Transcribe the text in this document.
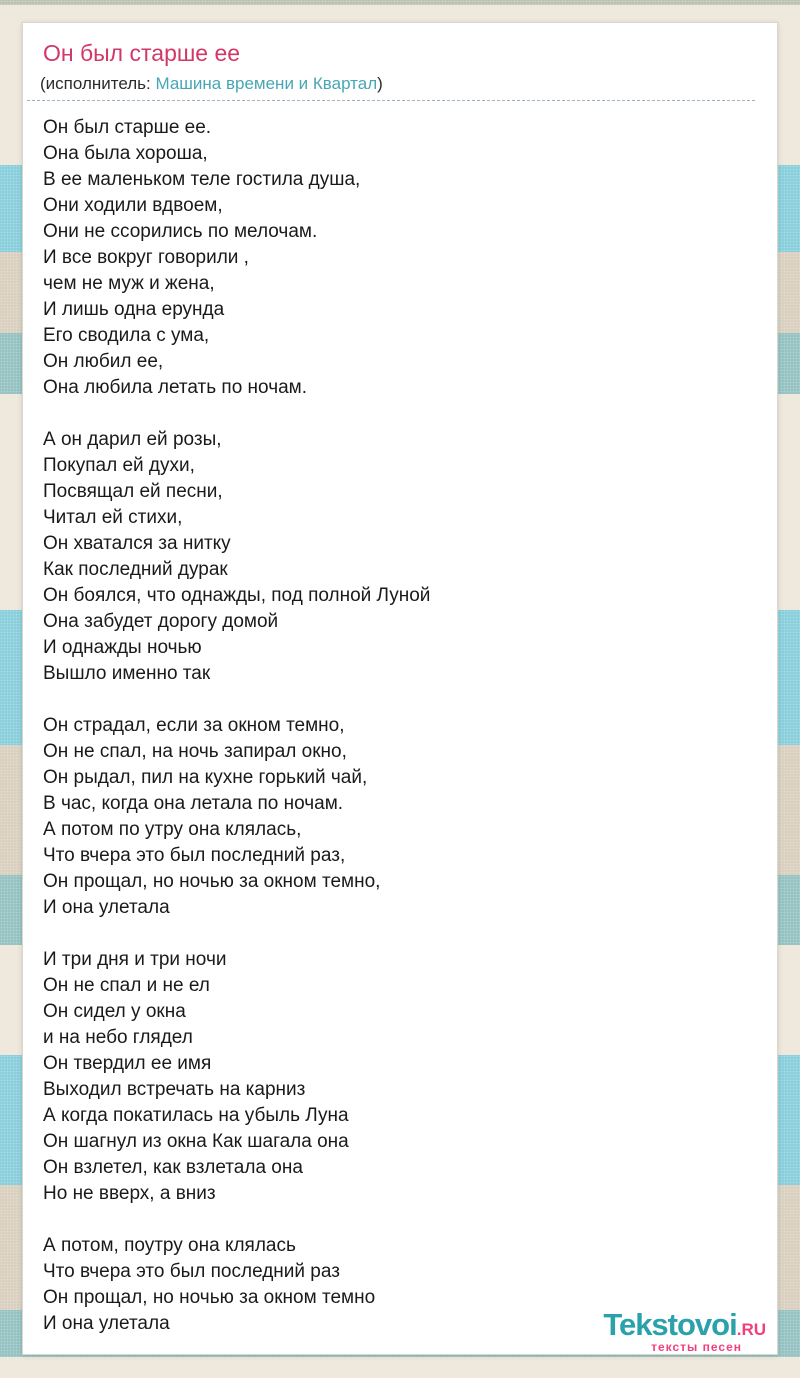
Он был старше ее
(исполнитель: Машина времени и Квартал)
Он был старше ее.
Она была хороша,
В ее маленьком теле гостила душа,
Они ходили вдвоем,
Они не ссорились по мелочам.
И все вокруг говорили ,
чем не муж и жена,
И лишь одна ерунда
Его сводила с ума,
Он любил ее,
Она любила летать по ночам.
А он дарил ей розы,
Покупал ей духи,
Посвящал ей песни,
Читал ей стихи,
Он хватался за нитку
Как последний дурак
Он боялся, что однажды, под полной Луной
Она забудет дорогу домой
И однажды ночью
Вышло именно так
Он страдал, если за окном темно,
Он не спал, на ночь запирал окно,
Он рыдал, пил на кухне горький чай,
В час, когда она летала по ночам.
А потом по утру она клялась,
Что вчера это был последний раз,
Он прощал, но ночью за окном темно,
И она улетала
И три дня и три ночи
Он не спал и не ел
Он сидел у окна
и на небо глядел
Он твердил ее имя
Выходил встречать на карниз
А когда покатилась на убыль Луна
Он шагнул из окна Как шагала она
Он взлетел, как взлетала она
Но не вверх, а вниз
А потом, поутру она клялась
Что вчера это был последний раз
Он прощал, но ночью за окном темно
И она улетала	Tekstovoi.RU
тексты песен
